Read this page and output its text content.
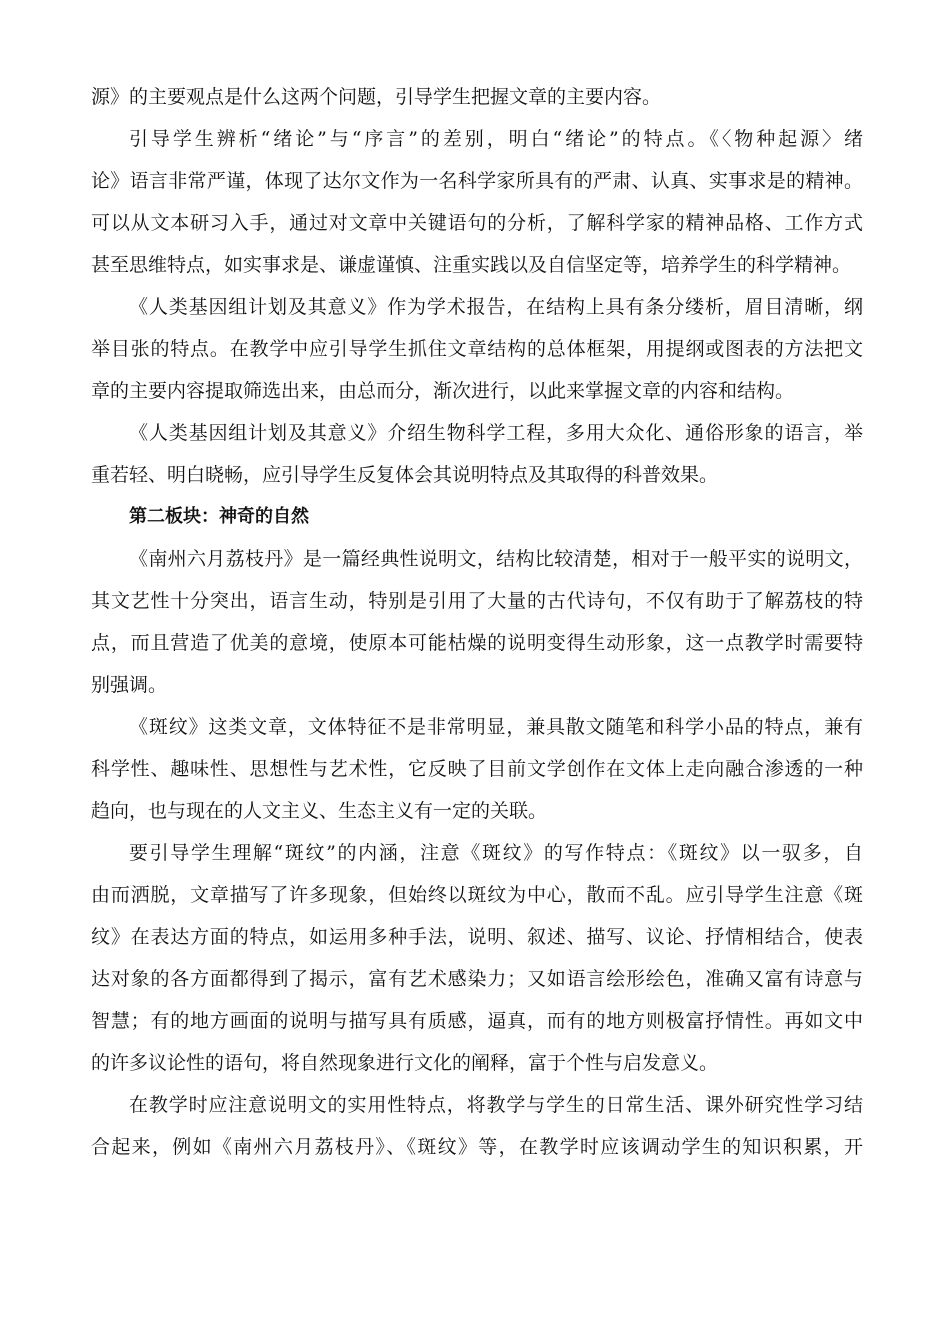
源》的主要观点是什么这两个问题，引导学生把握文章的主要内容。
引导学生辨析“绪论”与“序言”的差别，明白“绪论”的特点。《〈物种起源〉绪
论》语言非常严谨，体现了达尔文作为一名科学家所具有的严肃、认真、实事求是的精神。
可以从文本研习入手，通过对文章中关键语句的分析，了解科学家的精神品格、工作方式
甚至思维特点，如实事求是、谦虚谨慎、注重实践以及自信坚定等，培养学生的科学精神。
《人类基因组计划及其意义》作为学术报告，在结构上具有条分缕析，眉目清晰，纲
举目张的特点。在教学中应引导学生抓住文章结构的总体框架，用提纲或图表的方法把文
章的主要内容提取筛选出来，由总而分，渐次进行，以此来掌握文章的内容和结构。
《人类基因组计划及其意义》介绍生物科学工程，多用大众化、通俗形象的语言，举
重若轻、明白晓畅，应引导学生反复体会其说明特点及其取得的科普效果。
第二板块：神奇的自然
《南州六月荔枝丹》是一篇经典性说明文，结构比较清楚，相对于一般平实的说明文，
其文艺性十分突出，语言生动，特别是引用了大量的古代诗句，不仅有助于了解荔枝的特
点，而且营造了优美的意境，使原本可能枯燥的说明变得生动形象，这一点教学时需要特
别强调。
《斑纹》这类文章，文体特征不是非常明显，兼具散文随笔和科学小品的特点，兼有
科学性、趣味性、思想性与艺术性，它反映了目前文学创作在文体上走向融合渗透的一种
趋向，也与现在的人文主义、生态主义有一定的关联。
要引导学生理解“斑纹”的内涵，注意《斑纹》的写作特点：《斑纹》以一驭多，自
由而洒脱，文章描写了许多现象，但始终以斑纹为中心，散而不乱。应引导学生注意《斑
纹》在表达方面的特点，如运用多种手法，说明、叙述、描写、议论、抒情相结合，使表
达对象的各方面都得到了揭示，富有艺术感染力；又如语言绘形绘色，准确又富有诗意与
智慧；有的地方画面的说明与描写具有质感，逼真，而有的地方则极富抒情性。再如文中
的许多议论性的语句，将自然现象进行文化的阐释，富于个性与启发意义。
在教学时应注意说明文的实用性特点，将教学与学生的日常生活、课外研究性学习结
合起来，例如《南州六月荔枝丹》、《斑纹》等，在教学时应该调动学生的知识积累，开
